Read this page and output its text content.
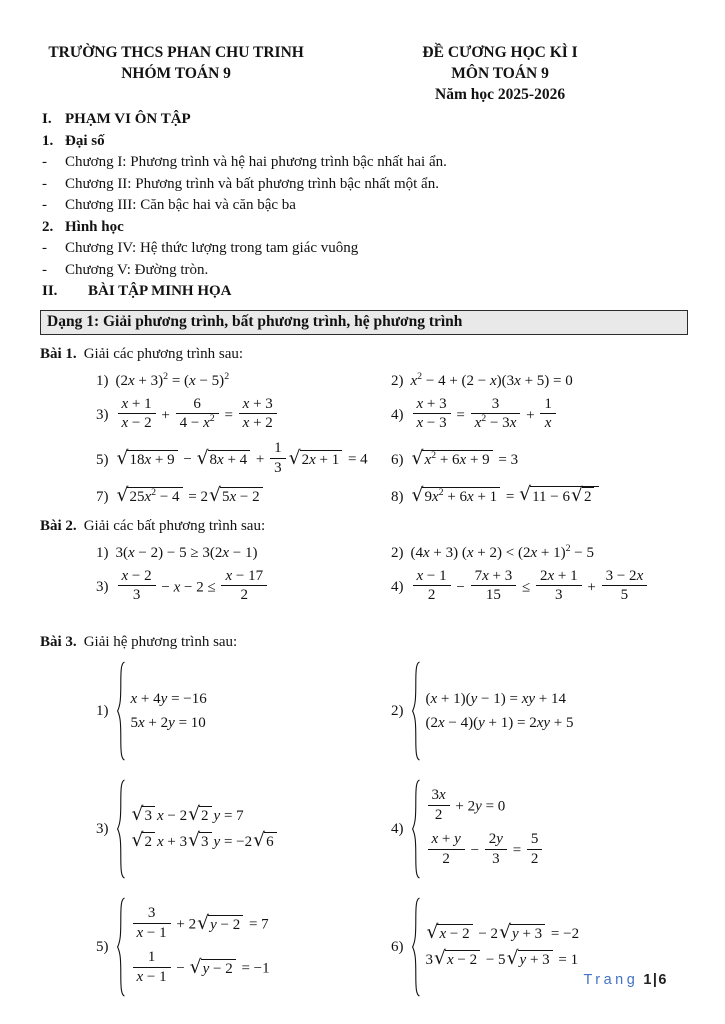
TRƯỜNG THCS PHAN CHU TRINH
NHÓM TOÁN 9
ĐỀ CƯƠNG HỌC KÌ I
MÔN TOÁN 9
Năm học 2025-2026
I. PHẠM VI ÔN TẬP
1. Đại số
-	Chương I: Phương trình và hệ hai phương trình bậc nhất hai ẩn.
-	Chương II: Phương trình và bất phương trình bậc nhất một ẩn.
-	Chương III: Căn bậc hai và căn bậc ba
2. Hình học
-	Chương IV: Hệ thức lượng trong tam giác vuông
-	Chương V: Đường tròn.
II.	BÀI TẬP MINH HỌA
Dạng 1: Giải phương trình, bất phương trình, hệ phương trình
Bài 1. Giải các phương trình sau:
1) $(2x + 3)^2 = (x - 5)^2$	2) $x^2 - 4 + (2 - x)(3x + 5) = 0$
$3) \frac{x + 1}{x - 2} + \frac{6}{4 - x^2} = \frac{x + 3}{x + 2}$	$4) \frac{x + 3}{x - 3} = \frac{3}{x^2 - 3x} + \frac{1}{x}$
5) √ 18x + 9 − √ $8x + 4 + \frac{1}{3}$ √ 2x + 1 = 4 6) √ $x^2 + 6x + 9 = 3$
7) √ $25x^2 - 4 = 2$ √ 5x − 2	8) √ $9x^2 + 6x + 1$ = √ 11 − 6 √ 2
Bài 2. Giải các bất phương trình sau:
1) 3(x − 2) − 5 ≥ 3(2x − 1)	2) (4x + 3) $(x + 2) < (2x + 1)^2 - 5$
$3) \frac{x - 2}{3} - x - 2 \le \frac{x - 17}{2}$	$4) \frac{x - 1}{2} - \frac{7x + 3}{15} \le \frac{2x + 1}{3} + \frac{3 - 2x}{5}$
Bài 3. Giải hệ phương trình sau:
1)
x + 4y = −16
5x + 2y = 10
2)
(x + 1)(y − 1) = xy + 14
(2x − 4)(y + 1) = 2xy + 5
3)
√ 3 x − 2 √ 2 y = 7
√ 2 x + 3 √ 3 y = −2 √ 6
4)
$\frac{3x}{2} + 2y = 0$
$\frac{x + y}{2} - \frac{2y}{3} = \frac{5}{2}$
5)
$\frac{3}{x - 1} + 2$ √ y − 2 = 7
$\frac{1}{x - 1}$ − √ y − 2 = −1
6)
√ x − 2 − 2 √ y + 3 = −2
3 √ x − 2 − 5 √ y + 3 = 1
Trang 1|6
